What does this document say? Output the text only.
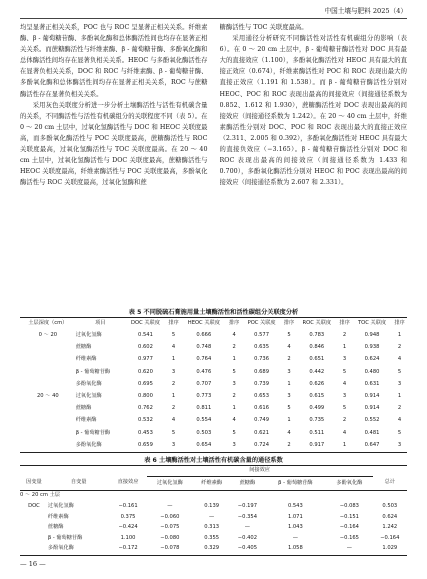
中国土壤与肥料 2025（4）

均呈显著正相关关系，POC 也与 ROC 呈显著正相关关系。纤维素酶、β - 葡萄糖苷酶、多酚氧化酶和总体酶活性间也均存在显著正相关关系。而蔗糖酶活性与纤维素酶、β - 葡萄糖苷酶、多酚氧化酶和总体酶活性间均存在显著负相关关系。HEOC 与多酚氧化酶活性存在显著负相关关系，DOC 和 ROC 与纤维素酶、β - 葡萄糖苷酶、多酚氧化酶和总体酶活性间均存在显著正相关关系，ROC 与蔗糖酶活性存在显著负相关关系。

采用灰色关联度分析进一步分析土壤酶活性与活性有机碳含量的关系，不同酶活性与活性有机碳组分的关联程度不同（表 5）。在 0 ～ 20 cm 土层中，过氧化氢酶活性与 DOC 和 HEOC 关联度最高，而多酚氧化酶活性与 POC 关联度最高，蔗糖酶活性与 ROC 关联度最高，过氧化氢酶活性与 TOC 关联度最高。在 20 ～ 40 cm 土层中，过氧化氢酶活性与 DOC 关联度最高，蔗糖酶活性与 HEOC 关联度最高，纤维素酶活性与 POC 关联度最高，多酚氧化酶活性与 ROC 关联度最高，过氧化氢酶和蔗

糖酶活性与 TOC 关联度最高。

采用通径分析研究不同酶活性对活性有机碳组分的影响（表 6）。在 0 ～ 20 cm 土层中，β - 葡萄糖苷酶活性对 DOC 具有最大的直接效应（1.100），多酚氧化酶活性对 HEOC 具有最大的直接正效应（0.674），纤维素酶活性对 POC 和 ROC 表现出最大的直接正效应（1.191 和 1.538）。而 β - 葡萄糖苷酶活性分别对 HEOC、POC 和 ROC 表现出最高的间接效应（间接通径系数为 0.852、1.612 和 1.930），蔗糖酶活性对 DOC 表现出最高的间接效应（间接通径系数为 1.242）。在 20 ～ 40 cm 土层中，纤维素酶活性分别对 DOC、POC 和 ROC 表现出最大的直接正效应（2.311、2.005 和 0.392），多酚氧化酶活性对 HEOC 具有最大的直接负效应（−3.165）。β - 葡萄糖苷酶活性分别对 DOC 和 ROC 表现出最高的间接效应（间接通径系数为 1.433 和 0.700），多酚氧化酶活性分别对 HEOC 和 POC 表现出最高的间接效应（间接通径系数为 2.607 和 2.331）。

表 5 不同脱硫石膏施用量土壤酶活性和活性碳组分关联度分析
土层深度（cm）	项目	DOC 关联度	排序	HEOC 关联度	排序	POC 关联度	排序	ROC 关联度	排序	TOC 关联度	排序

0 ～ 20	过氧化氢酶	0.541	5	0.666	4	0.577	5	0.783	2	0.948	1
	蔗糖酶	0.602	4	0.748	2	0.635	4	0.846	1	0.938	2
	纤维素酶	0.977	1	0.764	1	0.736	2	0.651	3	0.624	4
	β - 葡萄糖苷酶	0.620	3	0.476	5	0.689	3	0.442	5	0.480	5
	多酚氧化酶	0.695	2	0.707	3	0.739	1	0.626	4	0.631	3
20 ～ 40	过氧化氢酶	0.800	1	0.773	2	0.653	3	0.615	3	0.914	1
	蔗糖酶	0.762	2	0.811	1	0.616	5	0.499	5	0.914	2
	纤维素酶	0.532	4	0.554	4	0.749	1	0.735	2	0.552	4
	β - 葡萄糖苷酶	0.453	5	0.503	5	0.621	4	0.511	4	0.481	5
	多酚氧化酶	0.659	3	0.654	3	0.724	2	0.917	1	0.647	3
表 6 土壤酶活性对土壤活性有机碳含量的通径系数
			间接效应					
因变量	自变量	直接效应	过氧化氢酶	纤维素酶	蔗糖酶	β - 葡萄糖苷酶	多酚氧化酶	总计
0 ～ 20 cm 土层								
DOC	过氧化氢酶	−0.161	—	0.139	−0.197	0.543	−0.083	0.503
	纤维素酶	0.375	−0.060	—	−0.354	1.071	−0.151	0.624
	蔗糖酶	−0.424	−0.075	0.313	—	1.043	−0.164	1.242
	β - 葡萄糖苷酶	1.100	−0.080	0.355	−0.402	—	−0.165	−0.164
	多酚氧化酶	−0.172	−0.078	0.329	−0.405	1.058	—	1.029
— 16 —
